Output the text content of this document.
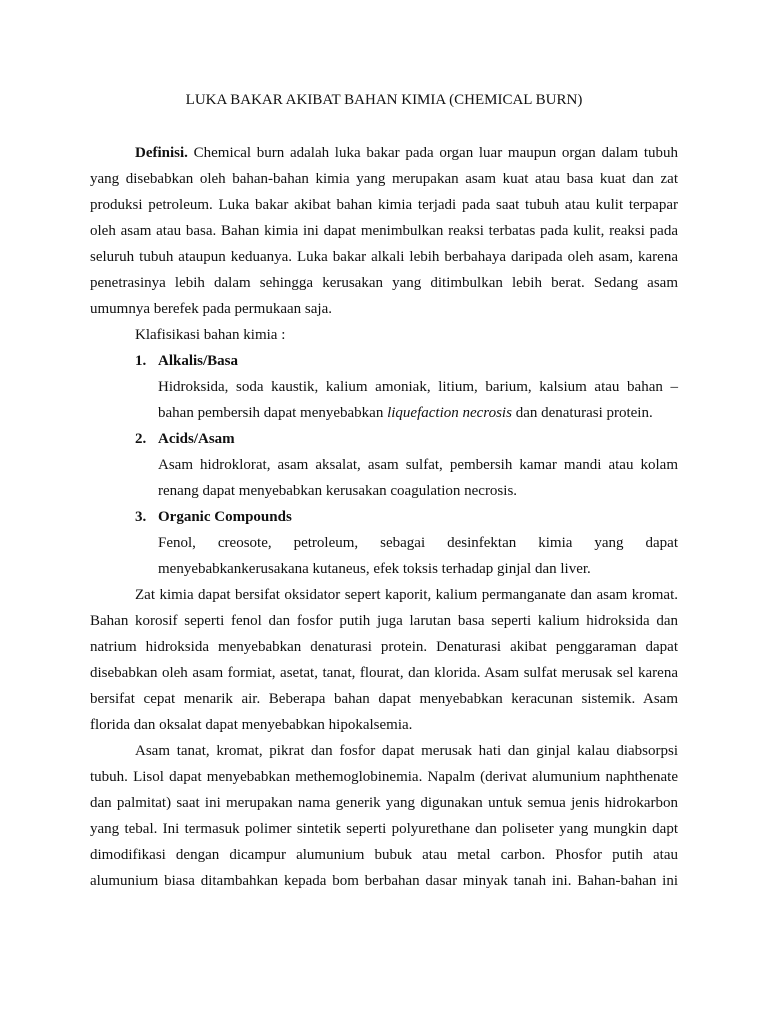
LUKA BAKAR AKIBAT BAHAN KIMIA (CHEMICAL BURN)
Definisi. Chemical burn adalah luka bakar pada organ luar maupun organ dalam tubuh
yang disebabkan oleh bahan-bahan kimia yang merupakan asam kuat atau basa kuat dan zat
produksi petroleum. Luka bakar akibat bahan kimia terjadi pada saat tubuh atau kulit terpapar
oleh asam atau basa. Bahan kimia ini dapat menimbulkan reaksi terbatas pada kulit, reaksi pada
seluruh tubuh ataupun keduanya. Luka bakar alkali lebih berbahaya daripada oleh asam, karena
penetrasinya lebih dalam sehingga kerusakan yang ditimbulkan lebih berat. Sedang asam
umumnya berefek pada permukaan saja.
Klafisikasi bahan kimia :
1. Alkalis/Basa
Hidroksida, soda kaustik, kalium amoniak, litium, barium, kalsium atau bahan –
bahan pembersih dapat menyebabkan liquefaction necrosis dan denaturasi protein.
2. Acids/Asam
Asam hidroklorat, asam aksalat, asam sulfat, pembersih kamar mandi atau kolam
renang dapat menyebabkan kerusakan coagulation necrosis.
3. Organic Compounds
Fenol, creosote, petroleum, sebagai desinfektan kimia yang dapat
menyebabkankerusakana kutaneus, efek toksis terhadap ginjal dan liver.
Zat kimia dapat bersifat oksidator sepert kaporit, kalium permanganate dan asam kromat.
Bahan korosif seperti fenol dan fosfor putih juga larutan basa seperti kalium hidroksida dan
natrium hidroksida menyebabkan denaturasi protein. Denaturasi akibat penggaraman dapat
disebabkan oleh asam formiat, asetat, tanat, flourat, dan klorida. Asam sulfat merusak sel karena
bersifat cepat menarik air. Beberapa bahan dapat menyebabkan keracunan sistemik. Asam
florida dan oksalat dapat menyebabkan hipokalsemia.
Asam tanat, kromat, pikrat dan fosfor dapat merusak hati dan ginjal kalau diabsorpsi
tubuh. Lisol dapat menyebabkan methemoglobinemia. Napalm (derivat alumunium naphthenate
dan palmitat) saat ini merupakan nama generik yang digunakan untuk semua jenis hidrokarbon
yang tebal. Ini termasuk polimer sintetik seperti polyurethane dan poliseter yang mungkin dapt
dimodifikasi dengan dicampur alumunium bubuk atau metal carbon. Phosfor putih atau
alumunium biasa ditambahkan kepada bom berbahan dasar minyak tanah ini. Bahan-bahan ini
